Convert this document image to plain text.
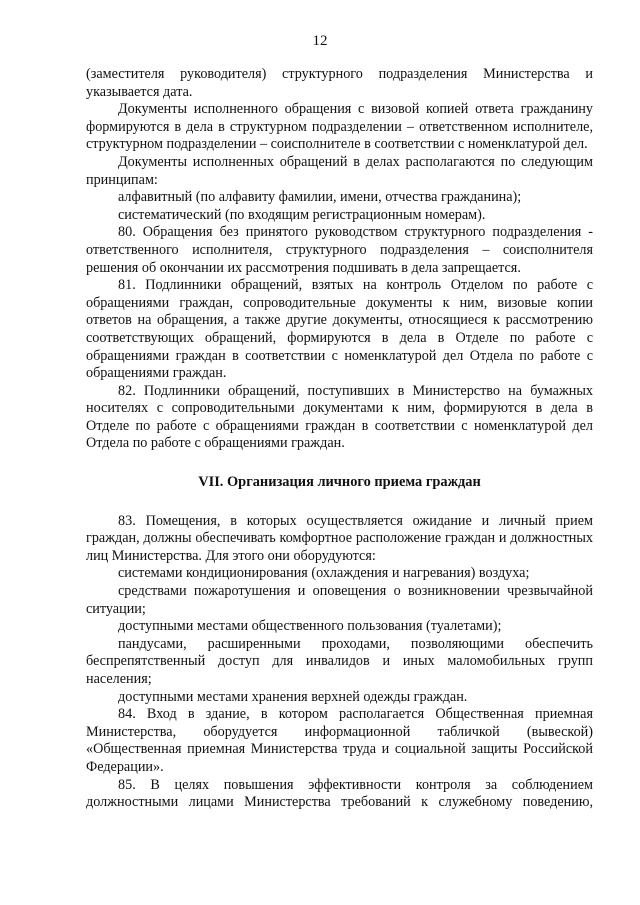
12

(заместителя руководителя) структурного подразделения Министерства и указывается дата.

Документы исполненного обращения с визовой копией ответа гражданину формируются в дела в структурном подразделении – ответственном исполнителе, структурном подразделении – соисполнителе в соответствии с номенклатурой дел.

Документы исполненных обращений в делах располагаются по следующим принципам:

алфавитный (по алфавиту фамилии, имени, отчества гражданина);

систематический (по входящим регистрационным номерам).

80. Обращения без принятого руководством структурного подразделения - ответственного исполнителя, структурного подразделения – соисполнителя решения об окончании их рассмотрения подшивать в дела запрещается.

81. Подлинники обращений, взятых на контроль Отделом по работе с обращениями граждан, сопроводительные документы к ним, визовые копии ответов на обращения, а также другие документы, относящиеся к рассмотрению соответствующих обращений, формируются в дела в Отделе по работе с обращениями граждан в соответствии с номенклатурой дел Отдела по работе с обращениями граждан.

82. Подлинники обращений, поступивших в Министерство на бумажных носителях с сопроводительными документами к ним, формируются в дела в Отделе по работе с обращениями граждан в соответствии с номенклатурой дел Отдела по работе с обращениями граждан.

VII. Организация личного приема граждан

83. Помещения, в которых осуществляется ожидание и личный прием граждан, должны обеспечивать комфортное расположение граждан и должностных лиц Министерства. Для этого они оборудуются:

системами кондиционирования (охлаждения и нагревания) воздуха;

средствами пожаротушения и оповещения о возникновении чрезвычайной ситуации;

доступными местами общественного пользования (туалетами);

пандусами, расширенными проходами, позволяющими обеспечить беспрепятственный доступ для инвалидов и иных маломобильных групп населения;

доступными местами хранения верхней одежды граждан.

84. Вход в здание, в котором располагается Общественная приемная Министерства, оборудуется информационной табличкой (вывеской) «Общественная приемная Министерства труда и социальной защиты Российской Федерации».

85. В целях повышения эффективности контроля за соблюдением должностными лицами Министерства требований к служебному поведению,
